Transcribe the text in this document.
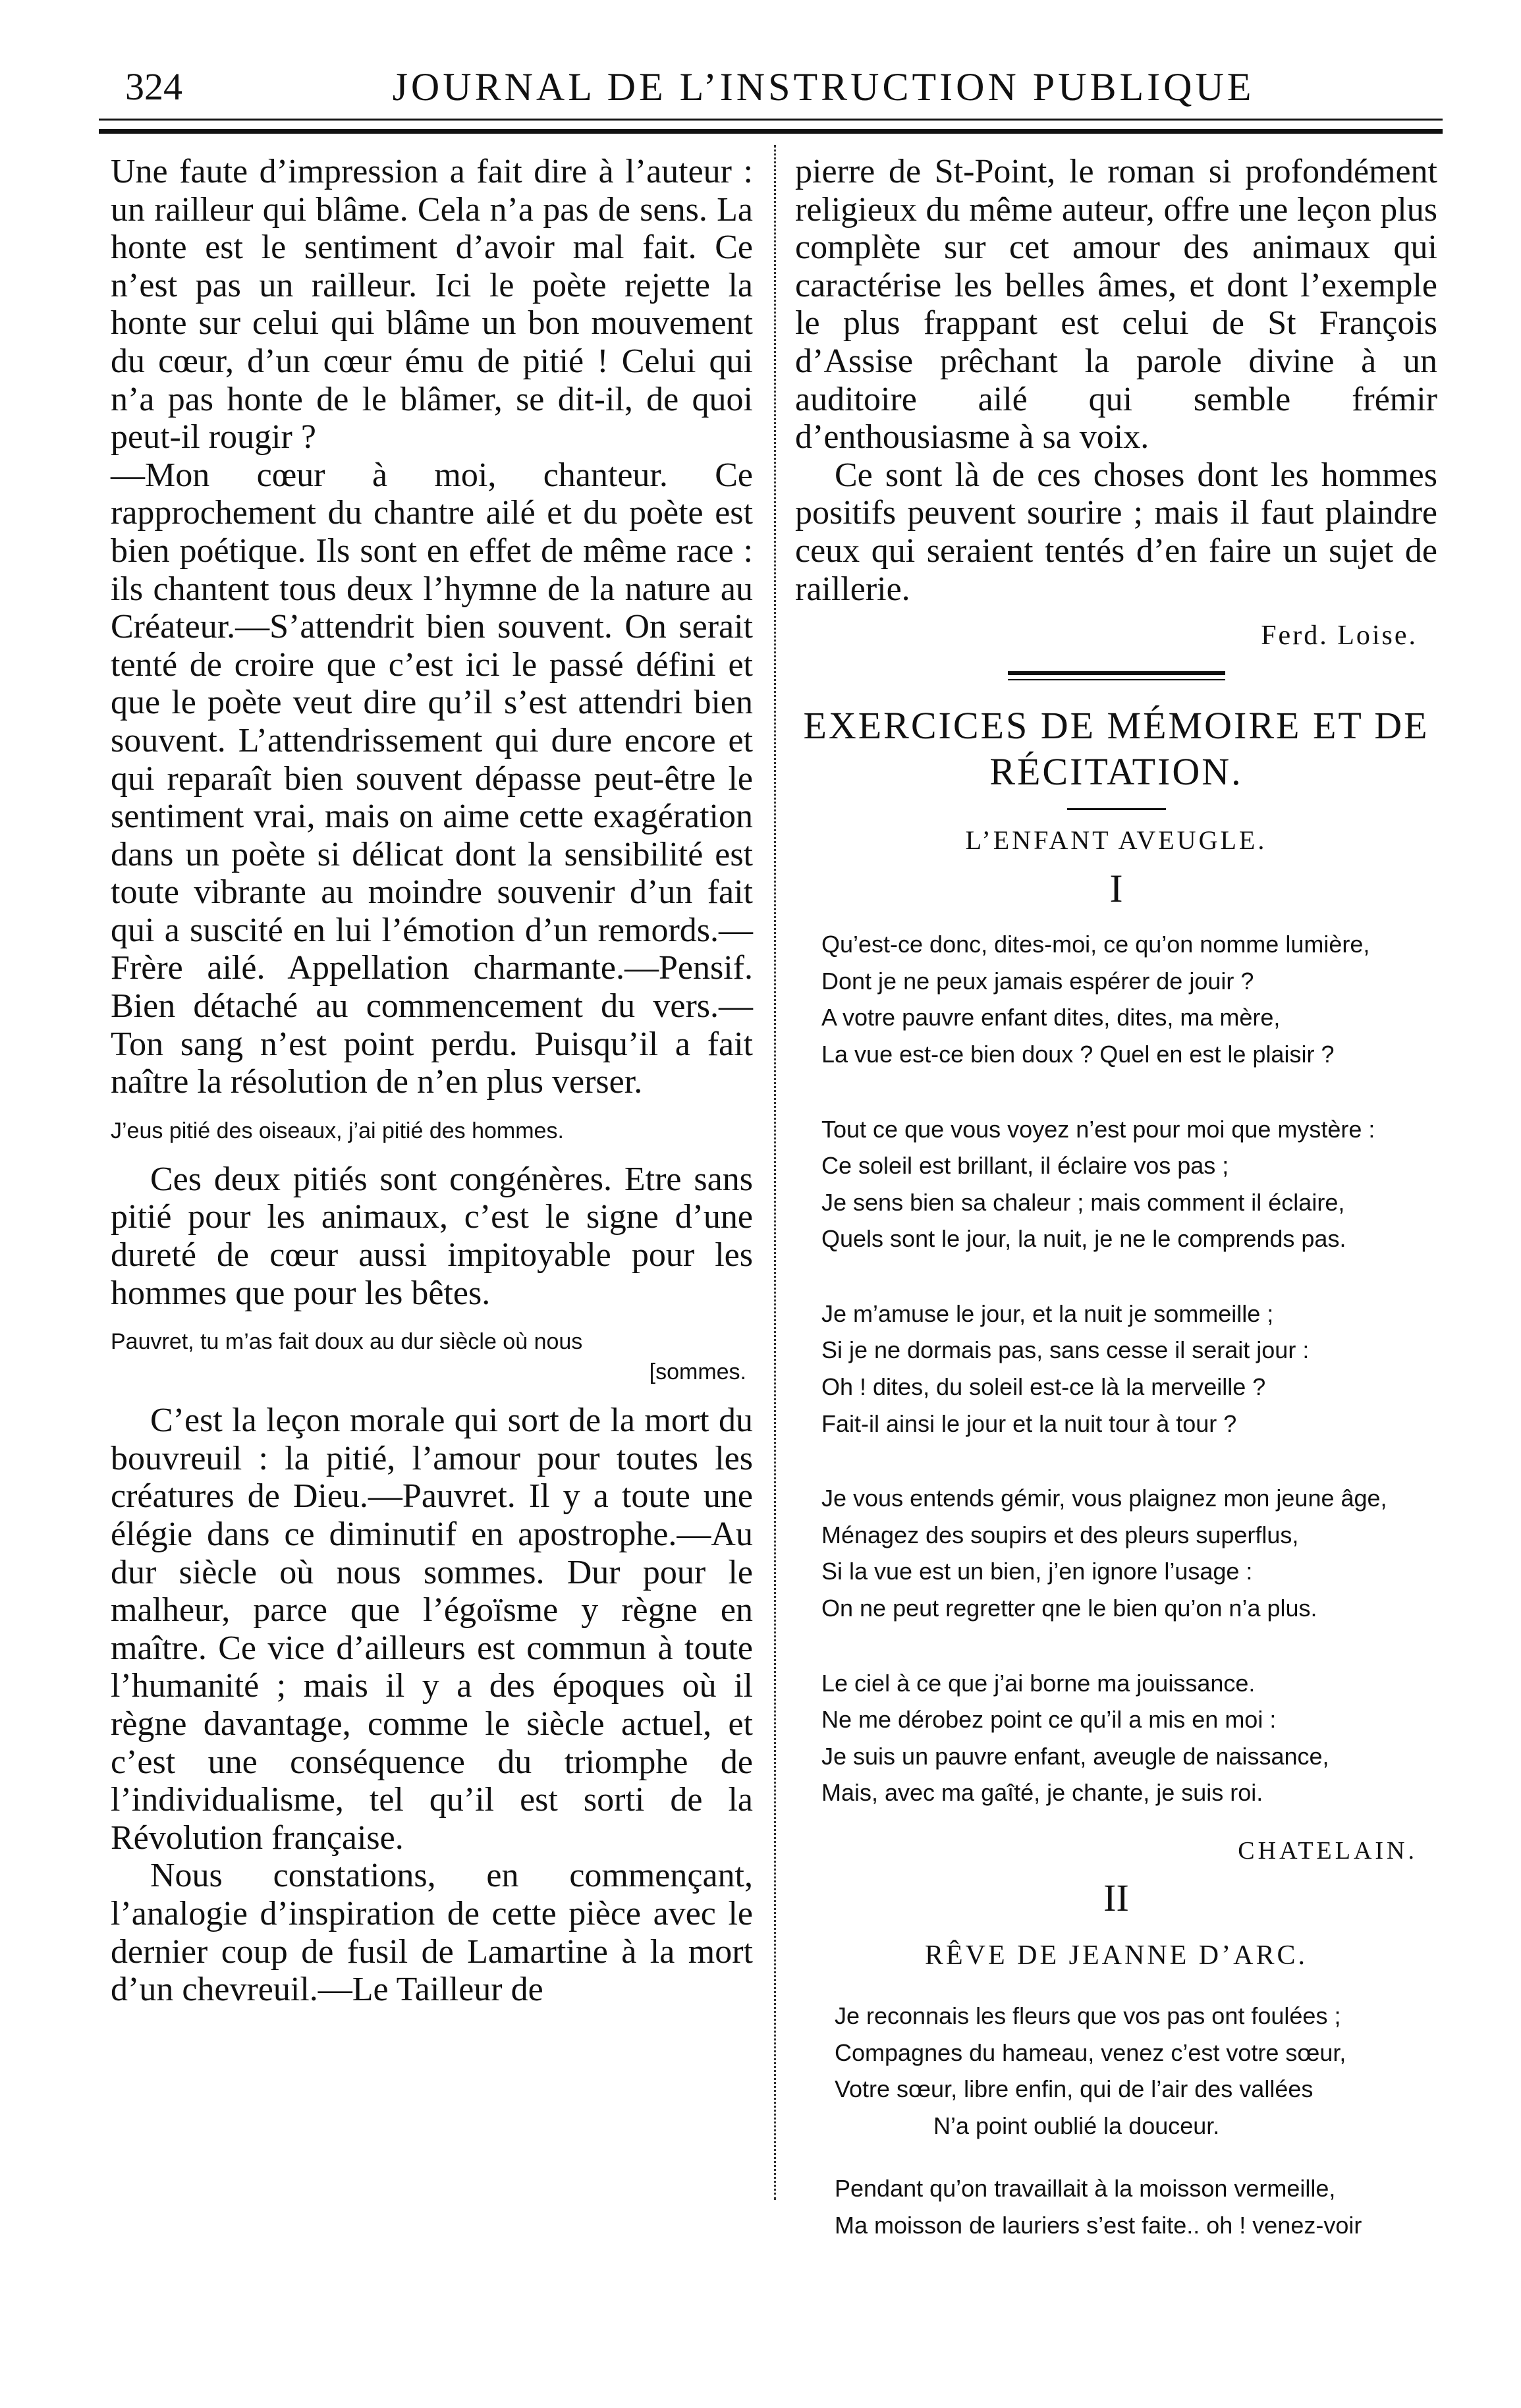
324	JOURNAL DE L’INSTRUCTION PUBLIQUE

Une faute d’impression a fait dire à l’auteur : un railleur qui blâme. Cela n’a pas de sens. La honte est le sentiment d’avoir mal fait. Ce n’est pas un railleur. Ici le poète rejette la honte sur celui qui blâme un bon mouvement du cœur, d’un cœur ému de pitié ! Celui qui n’a pas honte de le blâmer, se dit-il, de quoi peut-il rougir ?

—Mon cœur à moi, chanteur. Ce rapprochement du chantre ailé et du poète est bien poétique. Ils sont en effet de même race : ils chantent tous deux l’hymne de la nature au Créateur.—S’attendrit bien souvent. On serait tenté de croire que c’est ici le passé défini et que le poète veut dire qu’il s’est attendri bien souvent. L’attendrissement qui dure encore et qui reparaît bien souvent dépasse peut-être le sentiment vrai, mais on aime cette exagération dans un poète si délicat dont la sensibilité est toute vibrante au moindre souvenir d’un fait qui a suscité en lui l’émotion d’un remords.—Frère ailé. Appellation charmante.—Pensif. Bien détaché au commencement du vers.—Ton sang n’est point perdu. Puisqu’il a fait naître la résolution de n’en plus verser.

J’eus pitié des oiseaux, j’ai pitié des hommes.

Ces deux pitiés sont congénères. Etre sans pitié pour les animaux, c’est le signe d’une dureté de cœur aussi impitoyable pour les hommes que pour les bêtes.

Pauvret, tu m’as fait doux au dur siècle où nous

[sommes.

C’est la leçon morale qui sort de la mort du bouvreuil : la pitié, l’amour pour toutes les créatures de Dieu.—Pauvret. Il y a toute une élégie dans ce diminutif en apostrophe.—Au dur siècle où nous sommes. Dur pour le malheur, parce que l’égoïsme y règne en maître. Ce vice d’ailleurs est commun à toute l’humanité ; mais il y a des époques où il règne davantage, comme le siècle actuel, et c’est une conséquence du triomphe de l’individualisme, tel qu’il est sorti de la Révolution française.

Nous constations, en commençant, l’analogie d’inspiration de cette pièce avec le dernier coup de fusil de Lamartine à la mort d’un chevreuil.—Le Tailleur de

pierre de St-Point, le roman si profondément religieux du même auteur, offre une leçon plus complète sur cet amour des animaux qui caractérise les belles âmes, et dont l’exemple le plus frappant est celui de St François d’Assise prêchant la parole divine à un auditoire ailé qui semble frémir d’enthousiasme à sa voix.

Ce sont là de ces choses dont les hommes positifs peuvent sourire ; mais il faut plaindre ceux qui seraient tentés d’en faire un sujet de raillerie.

Ferd. Loise.

EXERCICES DE MÉMOIRE ET DE RÉCITATION.

L’ENFANT AVEUGLE.

I

Qu’est-ce donc, dites-moi, ce qu’on nomme lumière,
Dont je ne peux jamais espérer de jouir ?
A votre pauvre enfant dites, dites, ma mère,
La vue est-ce bien doux ? Quel en est le plaisir ?
Tout ce que vous voyez n’est pour moi que mystère :
Ce soleil est brillant, il éclaire vos pas ;
Je sens bien sa chaleur ; mais comment il éclaire,
Quels sont le jour, la nuit, je ne le comprends pas.
Je m’amuse le jour, et la nuit je sommeille ;
Si je ne dormais pas, sans cesse il serait jour :
Oh ! dites, du soleil est-ce là la merveille ?
Fait-il ainsi le jour et la nuit tour à tour ?
Je vous entends gémir, vous plaignez mon jeune âge,
Ménagez des soupirs et des pleurs superflus,
Si la vue est un bien, j’en ignore l’usage :
On ne peut regretter qne le bien qu’on n’a plus.
Le ciel à ce que j’ai borne ma jouissance.
Ne me dérobez point ce qu’il a mis en moi :
Je suis un pauvre enfant, aveugle de naissance,
Mais, avec ma gaîté, je chante, je suis roi.

CHATELAIN.

II

RÊVE DE JEANNE D’ARC.

Je reconnais les fleurs que vos pas ont foulées ;
Compagnes du hameau, venez c’est votre sœur,
Votre sœur, libre enfin, qui de l’air des vallées
N’a point oublié la douceur.
Pendant qu’on travaillait à la moisson vermeille,
Ma moisson de lauriers s’est faite.. oh ! venez-voir
